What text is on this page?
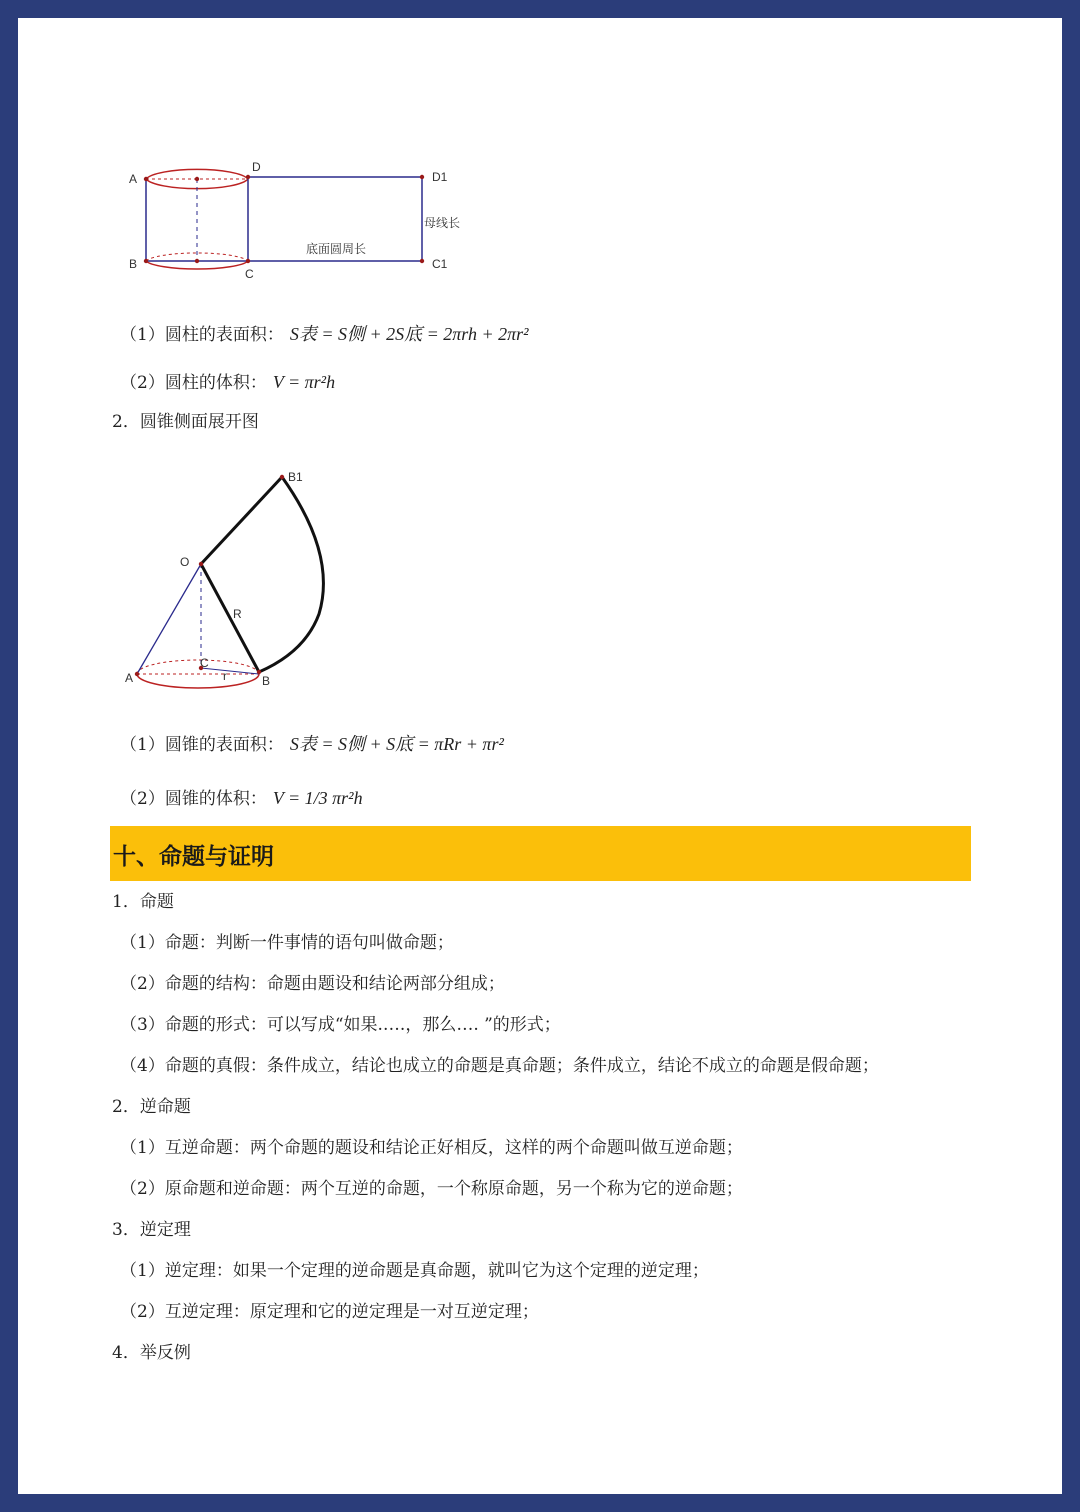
A
B
C
D
D1
C1
母线长
底面圆周长
（1）圆柱的表面积： S表 = S侧 + 2S底 = 2πrh + 2πr²
（2）圆柱的体积： V = πr²h
2．圆锥侧面展开图
B1
O
R
A
C
r	B
（1）圆锥的表面积： S表 = S侧 + S底 = πRr + πr²
（2）圆锥的体积： V = 1/3 πr²h
十、命题与证明
1．命题
（1）命题：判断一件事情的语句叫做命题；
（2）命题的结构：命题由题设和结论两部分组成；
（3）命题的形式：可以写成“如果.….，那么…. ”的形式；
（4）命题的真假：条件成立，结论也成立的命题是真命题；条件成立，结论不成立的命题是假命题；
2．逆命题
（1）互逆命题：两个命题的题设和结论正好相反，这样的两个命题叫做互逆命题；
（2）原命题和逆命题：两个互逆的命题，一个称原命题，另一个称为它的逆命题；
3．逆定理
（1）逆定理：如果一个定理的逆命题是真命题，就叫它为这个定理的逆定理；
（2）互逆定理：原定理和它的逆定理是一对互逆定理；
4．举反例
